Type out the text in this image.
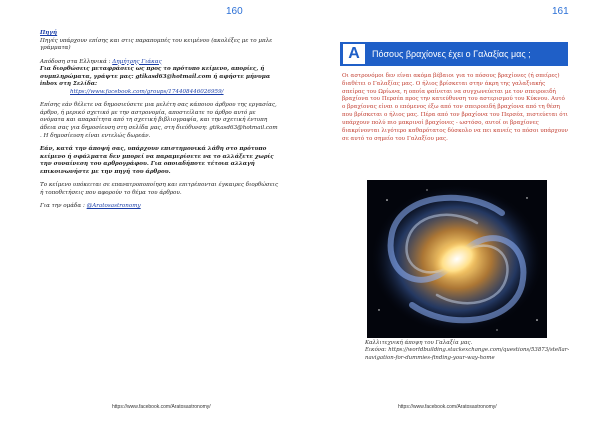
160

Πηγή
Πηγές υπάρχουν επίσης και στις παραπομπές του κειμένου (ακολέξες με το μπλε γράμματα)

Απόδοση στα Ελληνικά : Δημήτρης Γιάκας
Για διορθώσεις μεταφράσεις ως προς το πρότυπο κείμενο, απορίες, ή συμπληρώματα, γράψτε μας: gtikasd63@hotmail.com ή αφήστε μήνυμα inbox στη Σελίδα:
https://www.facebook.com/groups/174408446026959/

Επίσης εάν θέλετε να δημοσιεύσετε μια μελέτη σας κάποιου άρθρου της εργασίας, άρθρο, ή μερικό σχετικό με την αστρονομία, αποστείλατε το άρθρο αυτό με ονόματα και απαραίτητα από τη σχετική βιβλιογραφία, και την σχετική έντυπη άδεια σας για δημοσίευση στη σελίδα μας, στη διεύθυνση: gtikasd63@hotmail.com . Η δημοσίευση είναι εντελώς δωρεάν.

Εάν, κατά την άποψή σας, υπάρχουν επιστημονικά λάθη στο πρότυπο κείμενο ή σφάλματα δεν μπορεί να παραμερίσετε να το αλλάξετε χωρίς την συναίνεση του αρθρογράφου. Για οποιαδήποτε τέτοια αλλαγή επικοινωνήστε με την πηγή του άρθρου.

Το κείμενο υπόκειται σε επανατροποποίηση και επιτρέπονται έγκαιρες διορθώσεις ή τοποθετήσεις που αφορούν το θέμα του άρθρου.

Για την ομάδα : @Aratosastronomy

https://www.facebook.com/Aratosastronomy/
161
A	Πόσους βραχίονες έχει ο Γαλαξίας μας ;
Οι αστρονόμοι δεν είναι ακόμα βέβαιοι για το πόσους βραχίονες (ή σπείρες) διαθέτει ο Γαλαξίας μας. Ο ήλιος βρίσκεται στην άκρη της γαλαξιακής σπείρας του Ωρίωνα, η οποία φαίνεται να συγχωνεύεται με τον σπειροειδή βραχίονα του Περσέα προς την κατεύθυνση του αστερισμού του Κύκνου. Αυτό ο βραχίονας είναι ο επόμενος έξω από τον σπειροειδή βραχίονα από τη θέση που βρίσκεται ο ήλιος μας. Πέρα από τον βραχίονα του Περσέα, πιστεύεται ότι υπάρχουν πολύ πιο μακρινοί βραχίονες - ωστόσο, αυτοί οι βραχίονες διακρίνονται λιγότερο καθαρότατος δύσκολο να πει κανείς το πόσοι υπάρχουν σε αυτό το σημείο του Γαλαξίου μας.
Καλλιτεχνική άποψη του Γαλαξία μας.
Εικόνα: https://worldbuilding.stackexchange.com/questions/53873/stellar-navigation-for-dummies-finding-your-way-home
https://www.facebook.com/Aratosastronomy/
